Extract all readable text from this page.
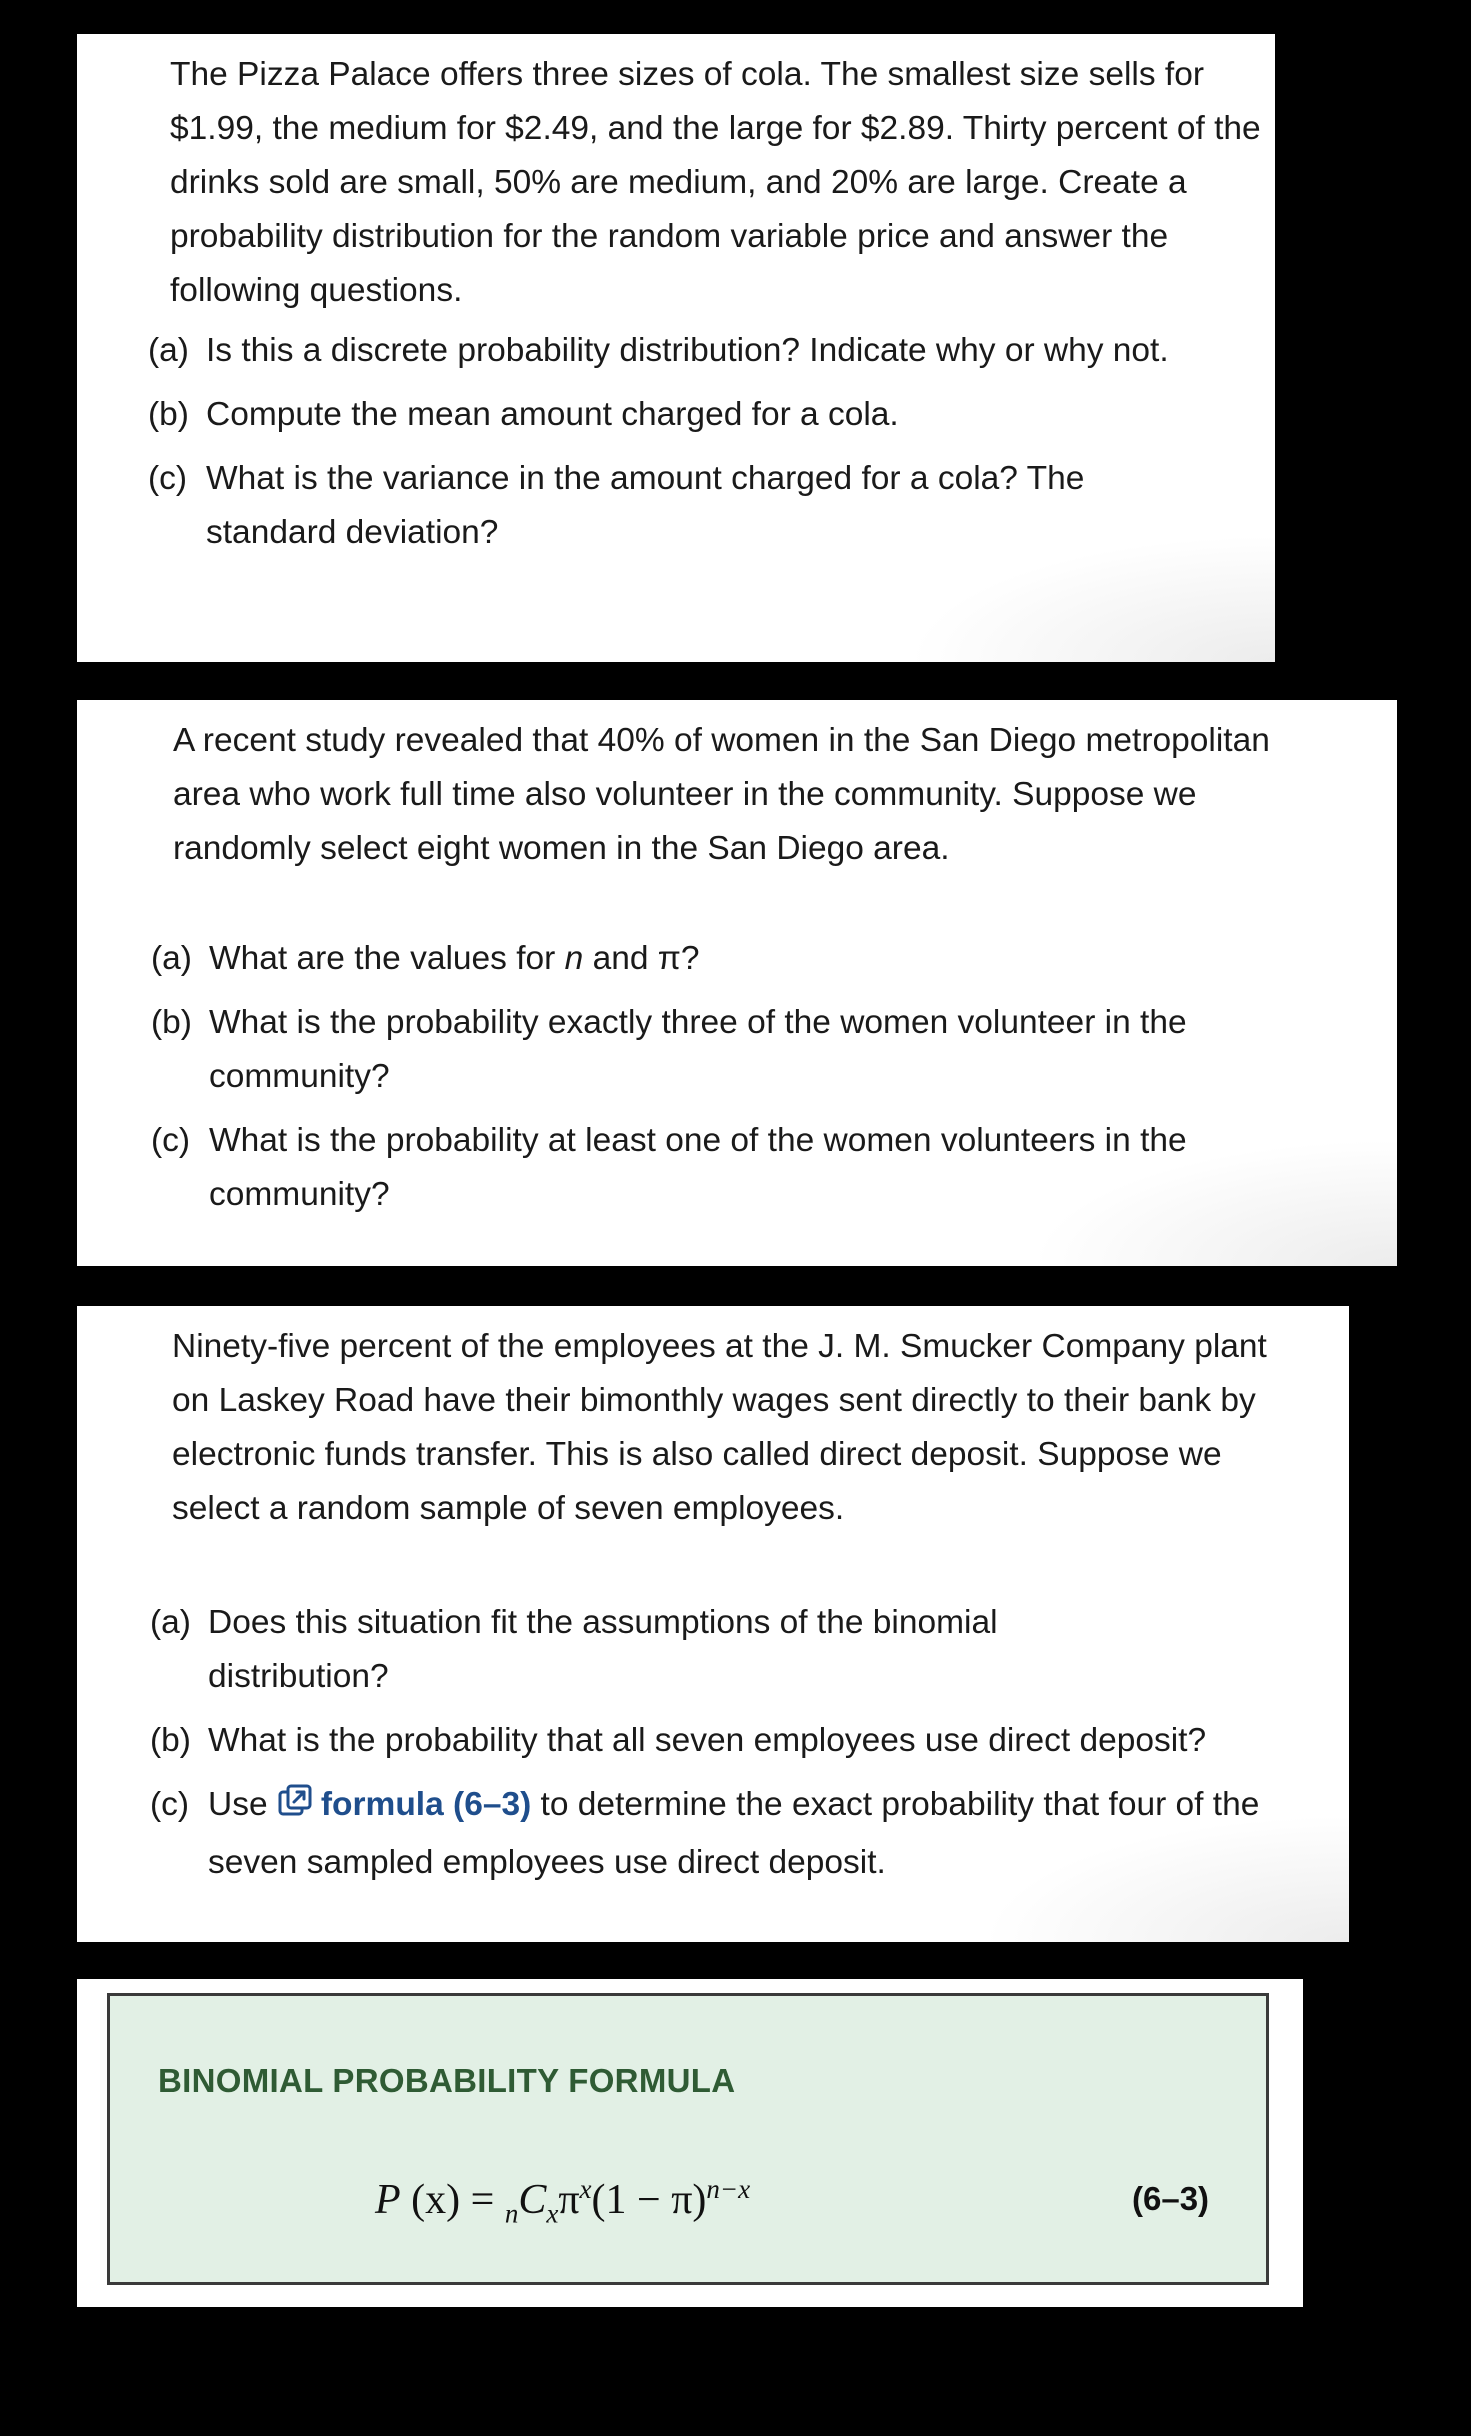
The Pizza Palace offers three sizes of cola. The smallest size sells for $1.99, the medium for $2.49, and the large for $2.89. Thirty percent of the drinks sold are small, 50% are medium, and 20% are large. Create a probability distribution for the random variable price and answer the following questions.

(a) Is this a discrete probability distribution? Indicate why or why not.
(b) Compute the mean amount charged for a cola.
(c) What is the variance in the amount charged for a cola? The standard deviation?

A recent study revealed that 40% of women in the San Diego metropolitan area who work full time also volunteer in the community. Suppose we randomly select eight women in the San Diego area.

(a) What are the values for n and π?
(b) What is the probability exactly three of the women volunteer in the community?
(c) What is the probability at least one of the women volunteers in the community?

Ninety-five percent of the employees at the J. M. Smucker Company plant on Laskey Road have their bimonthly wages sent directly to their bank by electronic funds transfer. This is also called direct deposit. Suppose we select a random sample of seven employees.

(a) Does this situation fit the assumptions of the binomial distribution?
(b) What is the probability that all seven employees use direct deposit?
(c) Use formula (6–3) to determine the exact probability that four of the seven sampled employees use direct deposit.
BINOMIAL PROBABILITY FORMULA
P $(x) = _nC_x\pi^x(1 - \pi)^{n-x}$	(6–3)
